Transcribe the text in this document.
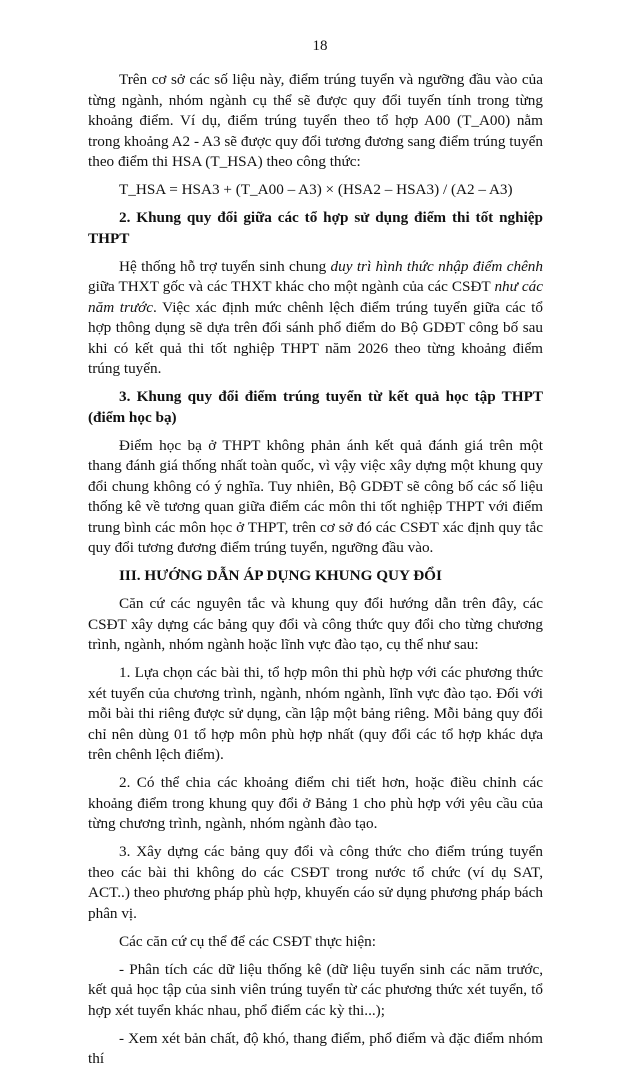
18

Trên cơ sở các số liệu này, điểm trúng tuyển và ngưỡng đầu vào của từng ngành, nhóm ngành cụ thể sẽ được quy đổi tuyến tính trong từng khoảng điểm. Ví dụ, điểm trúng tuyển theo tổ hợp A00 (T_A00) nằm trong khoảng A2 - A3 sẽ được quy đổi tương đương sang điểm trúng tuyển theo điểm thi HSA (T_HSA) theo công thức:

T_HSA = HSA3 + (T_A00 – A3) × (HSA2 – HSA3) / (A2 – A3)

2. Khung quy đổi giữa các tổ hợp sử dụng điểm thi tốt nghiệp THPT

Hệ thống hỗ trợ tuyển sinh chung duy trì hình thức nhập điểm chênh giữa THXT gốc và các THXT khác cho một ngành của các CSĐT như các năm trước. Việc xác định mức chênh lệch điểm trúng tuyển giữa các tổ hợp thông dụng sẽ dựa trên đối sánh phổ điểm do Bộ GDĐT công bố sau khi có kết quả thi tốt nghiệp THPT năm 2026 theo từng khoảng điểm trúng tuyển.

3. Khung quy đổi điểm trúng tuyển từ kết quả học tập THPT (điểm học bạ)

Điểm học bạ ở THPT không phản ánh kết quả đánh giá trên một thang đánh giá thống nhất toàn quốc, vì vậy việc xây dựng một khung quy đổi chung không có ý nghĩa. Tuy nhiên, Bộ GDĐT sẽ công bố các số liệu thống kê về tương quan giữa điểm các môn thi tốt nghiệp THPT với điểm trung bình các môn học ở THPT, trên cơ sở đó các CSĐT xác định quy tắc quy đổi tương đương điểm trúng tuyển, ngưỡng đầu vào.

III. HƯỚNG DẪN ÁP DỤNG KHUNG QUY ĐỔI

Căn cứ các nguyên tắc và khung quy đổi hướng dẫn trên đây, các CSĐT xây dựng các bảng quy đổi và công thức quy đổi cho từng chương trình, ngành, nhóm ngành hoặc lĩnh vực đào tạo, cụ thể như sau:

1. Lựa chọn các bài thi, tổ hợp môn thi phù hợp với các phương thức xét tuyển của chương trình, ngành, nhóm ngành, lĩnh vực đào tạo. Đối với mỗi bài thi riêng được sử dụng, cần lập một bảng riêng. Mỗi bảng quy đổi chỉ nên dùng 01 tổ hợp môn phù hợp nhất (quy đổi các tổ hợp khác dựa trên chênh lệch điểm).

2. Có thể chia các khoảng điểm chi tiết hơn, hoặc điều chỉnh các khoảng điểm trong khung quy đổi ở Bảng 1 cho phù hợp với yêu cầu của từng chương trình, ngành, nhóm ngành đào tạo.

3. Xây dựng các bảng quy đổi và công thức cho điểm trúng tuyển theo các bài thi không do các CSĐT trong nước tổ chức (ví dụ SAT, ACT..) theo phương pháp phù hợp, khuyến cáo sử dụng phương pháp bách phân vị.

Các căn cứ cụ thể để các CSĐT thực hiện:

- Phân tích các dữ liệu thống kê (dữ liệu tuyển sinh các năm trước, kết quả học tập của sinh viên trúng tuyển từ các phương thức xét tuyển, tổ hợp xét tuyển khác nhau, phổ điểm các kỳ thi...);

- Xem xét bản chất, độ khó, thang điểm, phổ điểm và đặc điểm nhóm thí
